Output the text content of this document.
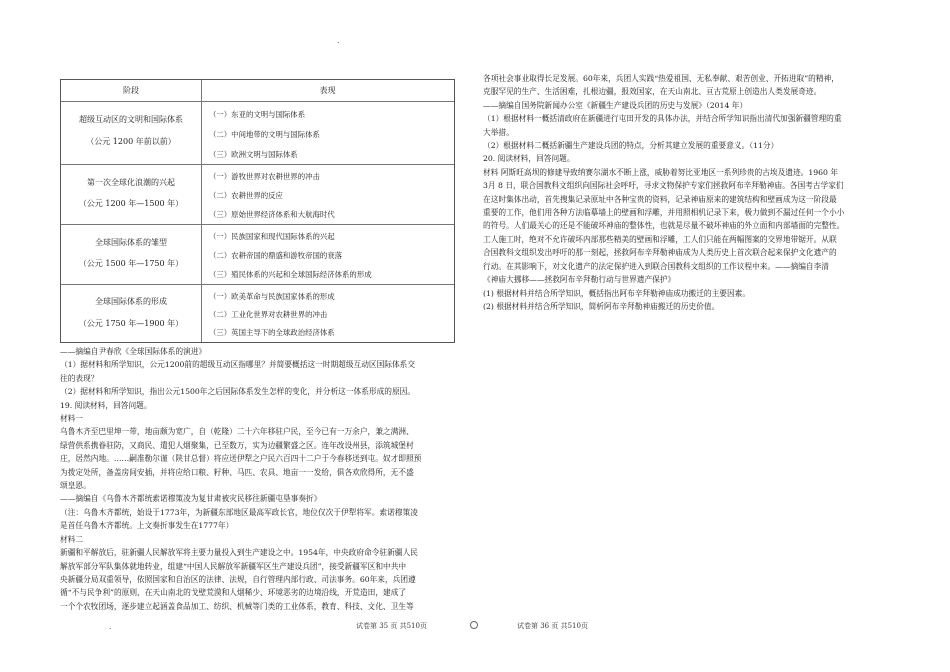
.
.
阶段	表现
超级互动区的文明和国际体系
（公元 1200 年前以前）
（一）东亚的文明与国际体系
（二）中间地带的文明与国际体系
（三）欧洲文明与国际体系
第一次全球化浪潮的兴起
（公元 1200 年—1500 年）
（一）游牧世界对农耕世界的冲击
（二）农耕世界的反应
（三）原始世界经济体系和大航海时代
全球国际体系的雏型
（公元 1500 年—1750 年）
（一）民族国家和现代国际体系的兴起
（二）农耕帝国的鼎盛和游牧帝国的衰落
（三）殖民体系的兴起和全球国际经济体系的形成
全球国际体系的形成
（公元 1750 年—1900 年）
（一）欧美革命与民族国家体系的形成
（二）工业化世界对农耕世界的冲击
（三）英国主导下的全球政治经济体系

——摘编自尹春欣《全球国际体系的演进》

（1）据材料和所学知识，公元1200前的超级互动区指哪里？并简要概括这一时期超级互动区国际体系交

往的表现？

（2）据材料和所学知识，指出公元1500年之后国际体系发生怎样的变化，并分析这一体系形成的原因。

19. 阅读材料，回答问题。

材料一

乌鲁木齐至巴里坤一带，地亩颇为宽广，自（乾隆）二十六年移驻户民，至今已有一万余户，兼之满洲、

绿营供系携眷驻防，又商民、遣犯人烟聚集，已至数万，实为边疆繁盛之区。连年改设州县，添筑城堡村

庄，居然内地。……嗣准勒尔谨（陕甘总督）将应送伊犁之户民六百四十二户于今春移送到屯。奴才即照预

为拨定处所，备盖房间安插，并将应给口粮、籽种、马匹、农具、地亩一一发给，俱各欢欣得所，无不盛

颂皇恩。

——摘编自《乌鲁木齐都统索诺穆策凌为复甘肃被灾民移往新疆屯垦事奏折》

（注：乌鲁木齐都统，始设于1773年，为新疆东部地区最高军政长官，地位仅次于伊犁将军。索诺穆策凌

是首任乌鲁木齐都统。上文奏折事发生在1777年）

材料二

新疆和平解放后，驻新疆人民解放军将主要力量投入到生产建设之中。1954年，中央政府命令驻新疆人民

解放军部分军队集体就地转业，组建“中国人民解放军新疆军区生产建设兵团”，接受新疆军区和中共中

央新疆分局双重领导，依照国家和自治区的法律、法规，自行管理内部行政、司法事务。60年来，兵团遵

循“不与民争利”的原则，在天山南北的戈壁荒漠和人烟稀少、环境恶劣的边境沿线，开荒造田，建成了

一个个农牧团场，逐步建立起涵盖食品加工、纺织、机械等门类的工业体系，教育、科技、文化、卫生等

各项社会事业取得长足发展。60年来，兵团人实践“热爱祖国、无私奉献、艰苦创业、开拓进取”的精神，

克服罕见的生产、生活困难，扎根边疆，报效国家，在天山南北、亘古荒原上创造出人类发展奇迹。

——摘编自国务院新闻办公室《新疆生产建设兵团的历史与发展》（2014 年）

（1）根据材料一概括清政府在新疆进行屯田开发的具体办法，并结合所学知识指出清代加强新疆管理的重

大举措。

（2）根据材料二概括新疆生产建设兵团的特点，分析其建立发展的重要意义。（11分）

20. 阅读材料，回答问题。

材料 阿斯旺高坝的修建导致纳赛尔湖水不断上涨，威胁着努比亚地区一系列珍贵的古埃及遗迹。1960 年

3月 8 日，联合国教科文组织向国际社会呼吁，寻求文物保护专家们拯救阿布辛拜勒神庙。各国考古学家们

在这时集体出动，首先搜集记录原址中各种宝贵的资料，记录神庙原来的建筑结构和壁画成为这一阶段最

重要的工作，他们用各种方法临摹墙上的壁画和浮雕，并用照相机记录下来，极力做到不漏过任何一个小小

的符号。人们最关心的还是不能破坏神庙的整体性，也就是尽量不破坏神庙的外立面和内部墙面的完整性。

工人施工时，绝对不允许破坏内部那些精美的壁画和浮雕，工人们只能在两幅图案的交界地带锯开。从联

合国教科文组织发出呼吁的那一刻起，拯救阿布辛拜勒神庙成为人类历史上首次联合起来保护文化遗产的

行动。在其影响下，对文化遗产的法定保护进入到联合国教科文组织的工作议程中来。——摘编自李清

《神庙大挪移——拯救阿布辛拜勒行动与世界遗产保护》

(1) 根据材料并结合所学知识，概括指出阿布辛拜勒神庙成功搬迁的主要因素。

(2) 根据材料并结合所学知识，简析阿布辛拜勒神庙搬迁的历史价值。

试卷第 35 页 共510页	试卷第 36 页 共510页
